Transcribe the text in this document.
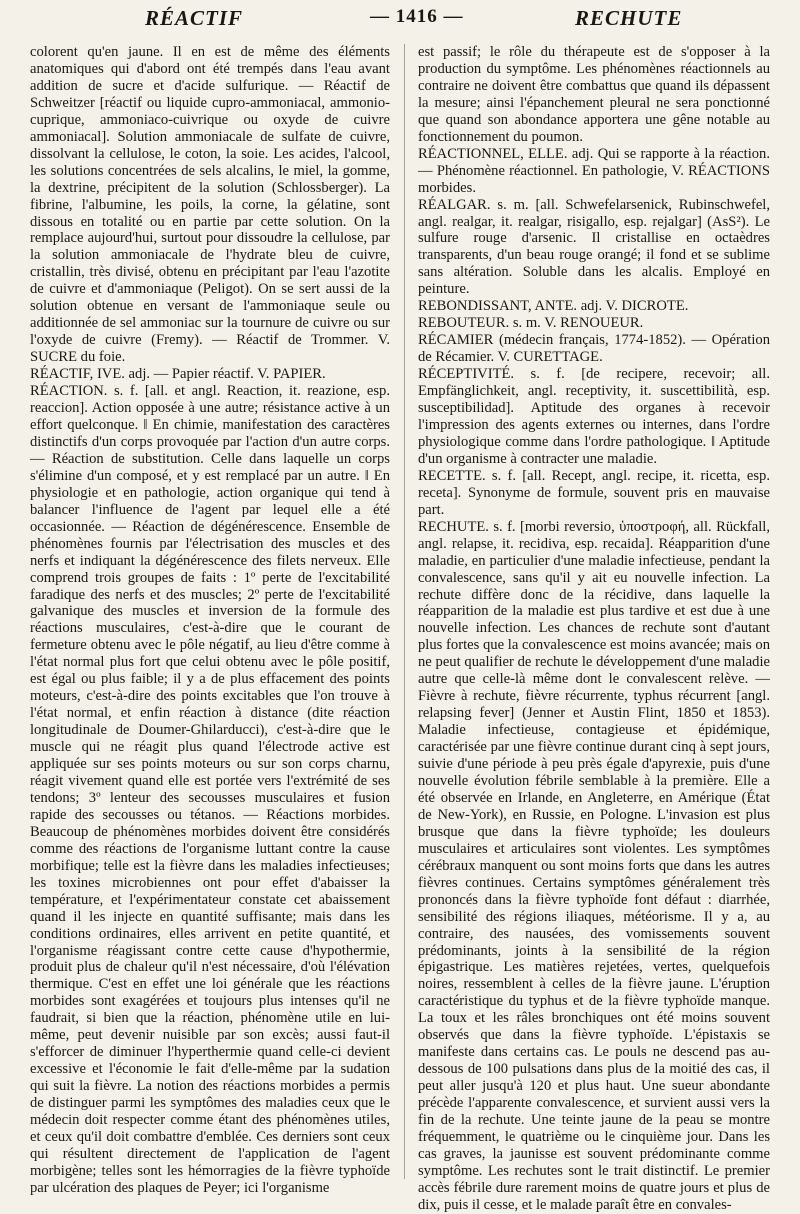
RÉACTIF	— 1416 —	RECHUTE

colorent qu'en jaune. Il en est de même des éléments anatomiques qui d'abord ont été trempés dans l'eau avant addition de sucre et d'acide sulfurique. — Réactif de Schweitzer [réactif ou liquide cupro-ammoniacal, ammonio-cuprique, ammoniaco-cuivrique ou oxyde de cuivre ammoniacal]. Solution ammoniacale de sulfate de cuivre, dissolvant la cellulose, le coton, la soie. Les acides, l'alcool, les solutions concentrées de sels alcalins, le miel, la gomme, la dextrine, précipitent de la solution (Schlossberger). La fibrine, l'albumine, les poils, la corne, la gélatine, sont dissous en totalité ou en partie par cette solution. On la remplace aujourd'hui, surtout pour dissoudre la cellulose, par la solution ammoniacale de l'hydrate bleu de cuivre, cristallin, très divisé, obtenu en précipitant par l'eau l'azotite de cuivre et d'ammoniaque (Peligot). On se sert aussi de la solution obtenue en versant de l'ammoniaque seule ou additionnée de sel ammoniac sur la tournure de cuivre ou sur l'oxyde de cuivre (Fremy). — Réactif de Trommer. V. SUCRE du foie.

RÉACTIF, IVE. adj. — Papier réactif. V. PAPIER.

RÉACTION. s. f. [all. et angl. Reaction, it. reazione, esp. reaccion]. Action opposée à une autre; résistance active à un effort quelconque. ‖ En chimie, manifestation des caractères distinctifs d'un corps provoquée par l'action d'un autre corps. — Réaction de substitution. Celle dans laquelle un corps s'élimine d'un composé, et y est remplacé par un autre. ‖ En physiologie et en pathologie, action organique qui tend à balancer l'influence de l'agent par lequel elle a été occasionnée. — Réaction de dégénérescence. Ensemble de phénomènes fournis par l'électrisation des muscles et des nerfs et indiquant la dégénérescence des filets nerveux. Elle comprend trois groupes de faits : 1º perte de l'excitabilité faradique des nerfs et des muscles; 2º perte de l'excitabilité galvanique des muscles et inversion de la formule des réactions musculaires, c'est-à-dire que le courant de fermeture obtenu avec le pôle négatif, au lieu d'être comme à l'état normal plus fort que celui obtenu avec le pôle positif, est égal ou plus faible; il y a de plus effacement des points moteurs, c'est-à-dire des points excitables que l'on trouve à l'état normal, et enfin réaction à distance (dite réaction longitudinale de Doumer-Ghilarducci), c'est-à-dire que le muscle qui ne réagit plus quand l'électrode active est appliquée sur ses points moteurs ou sur son corps charnu, réagit vivement quand elle est portée vers l'extrémité de ses tendons; 3º lenteur des secousses musculaires et fusion rapide des secousses ou tétanos. — Réactions morbides. Beaucoup de phénomènes morbides doivent être considérés comme des réactions de l'organisme luttant contre la cause morbifique; telle est la fièvre dans les maladies infectieuses; les toxines microbiennes ont pour effet d'abaisser la température, et l'expérimentateur constate cet abaissement quand il les injecte en quantité suffisante; mais dans les conditions ordinaires, elles arrivent en petite quantité, et l'organisme réagissant contre cette cause d'hypothermie, produit plus de chaleur qu'il n'est nécessaire, d'où l'élévation thermique. C'est en effet une loi générale que les réactions morbides sont exagérées et toujours plus intenses qu'il ne faudrait, si bien que la réaction, phénomène utile en lui-même, peut devenir nuisible par son excès; aussi faut-il s'efforcer de diminuer l'hyperthermie quand celle-ci devient excessive et l'économie le fait d'elle-même par la sudation qui suit la fièvre. La notion des réactions morbides a permis de distinguer parmi les symptômes des maladies ceux que le médecin doit respecter comme étant des phénomènes utiles, et ceux qu'il doit combattre d'emblée. Ces derniers sont ceux qui résultent directement de l'application de l'agent morbigène; telles sont les hémorragies de la fièvre typhoïde par ulcération des plaques de Peyer; ici l'organisme

est passif; le rôle du thérapeute est de s'opposer à la production du symptôme. Les phénomènes réactionnels au contraire ne doivent être combattus que quand ils dépassent la mesure; ainsi l'épanchement pleural ne sera ponctionné que quand son abondance apportera une gêne notable au fonctionnement du poumon.

RÉACTIONNEL, ELLE. adj. Qui se rapporte à la réaction. — Phénomène réactionnel. En pathologie, V. RÉACTIONS morbides.

RÉALGAR. s. m. [all. Schwefelarsenick, Rubinschwefel, angl. realgar, it. realgar, risigallo, esp. rejalgar] (AsS²). Le sulfure rouge d'arsenic. Il cristallise en octaèdres transparents, d'un beau rouge orangé; il fond et se sublime sans altération. Soluble dans les alcalis. Employé en peinture.

REBONDISSANT, ANTE. adj. V. DICROTE.

REBOUTEUR. s. m. V. RENOUEUR.

RÉCAMIER (médecin français, 1774-1852). — Opération de Récamier. V. CURETTAGE.

RÉCEPTIVITÉ. s. f. [de recipere, recevoir; all. Empfänglichkeit, angl. receptivity, it. suscettibilità, esp. susceptibilidad]. Aptitude des organes à recevoir l'impression des agents externes ou internes, dans l'ordre physiologique comme dans l'ordre pathologique. ‖ Aptitude d'un organisme à contracter une maladie.

RECETTE. s. f. [all. Recept, angl. recipe, it. ricetta, esp. receta]. Synonyme de formule, souvent pris en mauvaise part.

RECHUTE. s. f. [morbi reversio, ὑποστροφή, all. Rückfall, angl. relapse, it. recidiva, esp. recaida]. Réapparition d'une maladie, en particulier d'une maladie infectieuse, pendant la convalescence, sans qu'il y ait eu nouvelle infection. La rechute diffère donc de la récidive, dans laquelle la réapparition de la maladie est plus tardive et est due à une nouvelle infection. Les chances de rechute sont d'autant plus fortes que la convalescence est moins avancée; mais on ne peut qualifier de rechute le développement d'une maladie autre que celle-là même dont le convalescent relève. — Fièvre à rechute, fièvre récurrente, typhus récurrent [angl. relapsing fever] (Jenner et Austin Flint, 1850 et 1853). Maladie infectieuse, contagieuse et épidémique, caractérisée par une fièvre continue durant cinq à sept jours, suivie d'une période à peu près égale d'apyrexie, puis d'une nouvelle évolution fébrile semblable à la première. Elle a été observée en Irlande, en Angleterre, en Amérique (État de New-York), en Russie, en Pologne. L'invasion est plus brusque que dans la fièvre typhoïde; les douleurs musculaires et articulaires sont violentes. Les symptômes cérébraux manquent ou sont moins forts que dans les autres fièvres continues. Certains symptômes généralement très prononcés dans la fièvre typhoïde font défaut : diarrhée, sensibilité des régions iliaques, météorisme. Il y a, au contraire, des nausées, des vomissements souvent prédominants, joints à la sensibilité de la région épigastrique. Les matières rejetées, vertes, quelquefois noires, ressemblent à celles de la fièvre jaune. L'éruption caractéristique du typhus et de la fièvre typhoïde manque. La toux et les râles bronchiques ont été moins souvent observés que dans la fièvre typhoïde. L'épistaxis se manifeste dans certains cas. Le pouls ne descend pas au-dessous de 100 pulsations dans plus de la moitié des cas, il peut aller jusqu'à 120 et plus haut. Une sueur abondante précède l'apparente convalescence, et survient aussi vers la fin de la rechute. Une teinte jaune de la peau se montre fréquemment, le quatrième ou le cinquième jour. Dans les cas graves, la jaunisse est souvent prédominante comme symptôme. Les rechutes sont le trait distinctif. Le premier accès fébrile dure rarement moins de quatre jours et plus de dix, puis il cesse, et le malade paraît être en convales-
